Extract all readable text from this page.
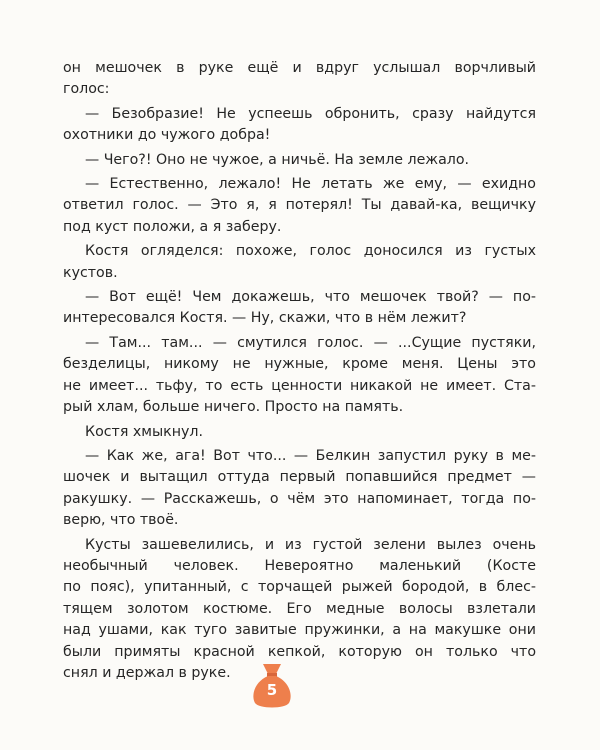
он мешочек в руке ещё и вдруг услышал ворчливый
голос:
— Безобразие! Не успеешь обронить, сразу найдутся
охотники до чужого добра!
— Чего?! Оно не чужое, а ничьё. На земле лежало.
— Естественно, лежало! Не летать же ему, — ехидно
ответил голос. — Это я, я потерял! Ты давай-ка, вещичку
под куст положи, а я заберу.
Костя огляделся: похоже, голос доносился из густых
кустов.
— Вот ещё! Чем докажешь, что мешочек твой? — по-
интересовался Костя. — Ну, скажи, что в нём лежит?
— Там... там... — смутился голос. — ...Сущие пустяки,
безделицы, никому не нужные, кроме меня. Цены это
не имеет... тьфу, то есть ценности никакой не имеет. Ста-
рый хлам, больше ничего. Просто на память.
Костя хмыкнул.
— Как же, ага! Вот что... — Белкин запустил руку в ме-
шочек и вытащил оттуда первый попавшийся предмет —
ракушку. — Расскажешь, о чём это напоминает, тогда по-
верю, что твоё.
Кусты зашевелились, и из густой зелени вылез очень
необычный человек. Невероятно маленький (Косте
по пояс), упитанный, с торчащей рыжей бородой, в блес-
тящем золотом костюме. Его медные волосы взлетали
над ушами, как туго завитые пружинки, а на макушке они
были примяты красной кепкой, которую он только что
снял и держал в руке.
5
